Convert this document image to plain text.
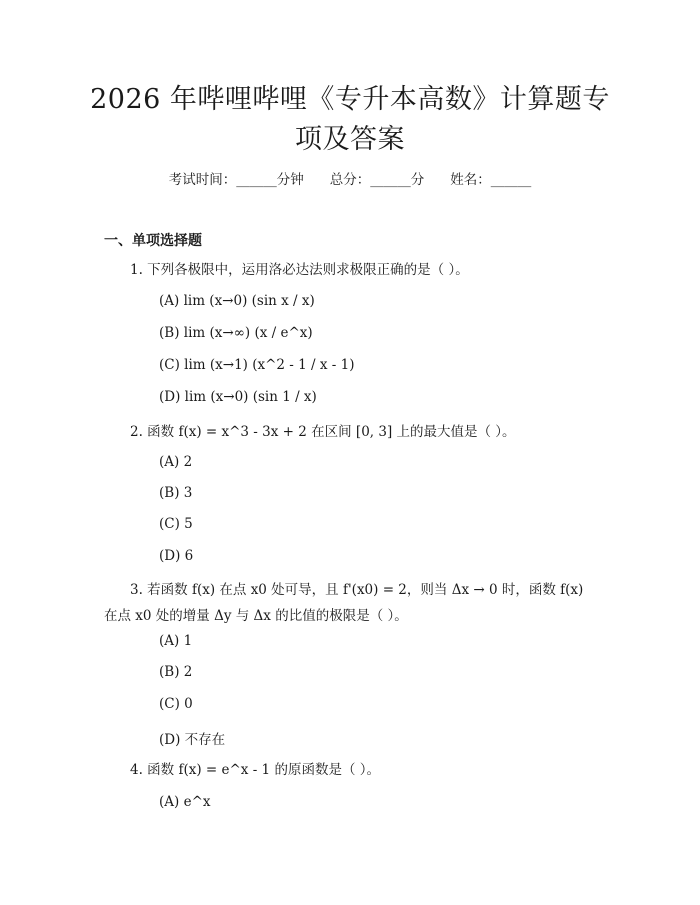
2026 年哔哩哔哩《专升本高数》计算题专项及答案
考试时间：______分钟 总分：______分 姓名：______
一、单项选择题
1. 下列各极限中，运用洛必达法则求极限正确的是（ ）。
(A) lim (x→0) (sin x / x)
(B) lim (x→∞) (x / e^x)
(C) lim (x→1) (x^2 - 1 / x - 1)
(D) lim (x→0) (sin 1 / x)
2. 函数 f(x) = x^3 - 3x + 2 在区间 [0, 3] 上的最大值是（ ）。
(A) 2
(B) 3
(C) 5
(D) 6
3. 若函数 f(x) 在点 x0 处可导，且 f'(x0) = 2，则当 Δx → 0 时，函数 f(x) 在点 x0 处的增量 Δy 与 Δx 的比值的极限是（ ）。
(A) 1
(B) 2
(C) 0
(D) 不存在
4. 函数 f(x) = e^x - 1 的原函数是（ ）。
(A) e^x
